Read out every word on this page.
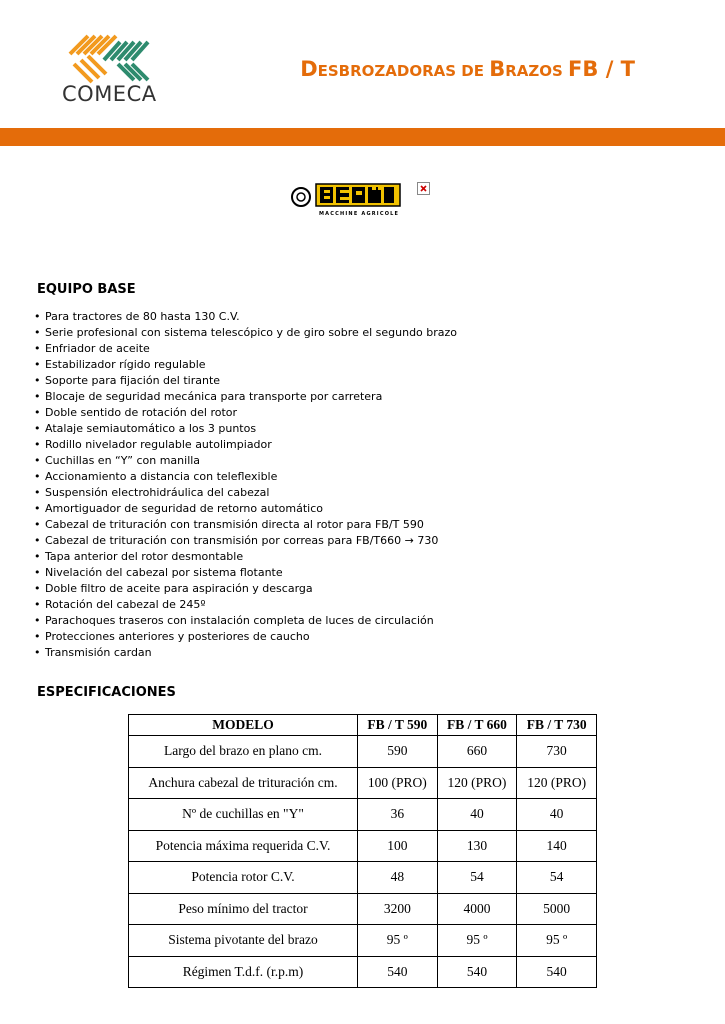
COMECA
DESBROZADORAS DE BRAZOS FB / T
MACCHINE AGRICOLE
EQUIPO BASE
• Para tractores de 80 hasta 130 C.V.
• Serie profesional con sistema telescópico y de giro sobre el segundo brazo
• Enfriador de aceite
• Estabilizador rígido regulable
• Soporte para fijación del tirante
• Blocaje de seguridad mecánica para transporte por carretera
• Doble sentido de rotación del rotor
• Atalaje semiautomático a los 3 puntos
• Rodillo nivelador regulable autolimpiador
• Cuchillas en “Y” con manilla
• Accionamiento a distancia con teleflexible
• Suspensión electrohidráulica del cabezal
• Amortiguador de seguridad de retorno automático
• Cabezal de trituración con transmisión directa al rotor para FB/T 590
• Cabezal de trituración con transmisión por correas para FB/T660 → 730
• Tapa anterior del rotor desmontable
• Nivelación del cabezal por sistema flotante
• Doble filtro de aceite para aspiración y descarga
• Rotación del cabezal de 245º
• Parachoques traseros con instalación completa de luces de circulación
• Protecciones anteriores y posteriores de caucho
• Transmisión cardan
ESPECIFICACIONES
MODELO	FB / T 590	FB / T 660	FB / T 730
Largo del brazo en plano cm.	590	660	730
Anchura cabezal de trituración cm.	100 (PRO)	120 (PRO)	120 (PRO)
Nº de cuchillas en "Y"	36	40	40
Potencia máxima requerida C.V.	100	130	140
Potencia rotor C.V.	48	54	54
Peso mínimo del tractor	3200	4000	5000
Sistema pivotante del brazo	95 º	95 º	95 º
Régimen T.d.f. (r.p.m)	540	540	540
